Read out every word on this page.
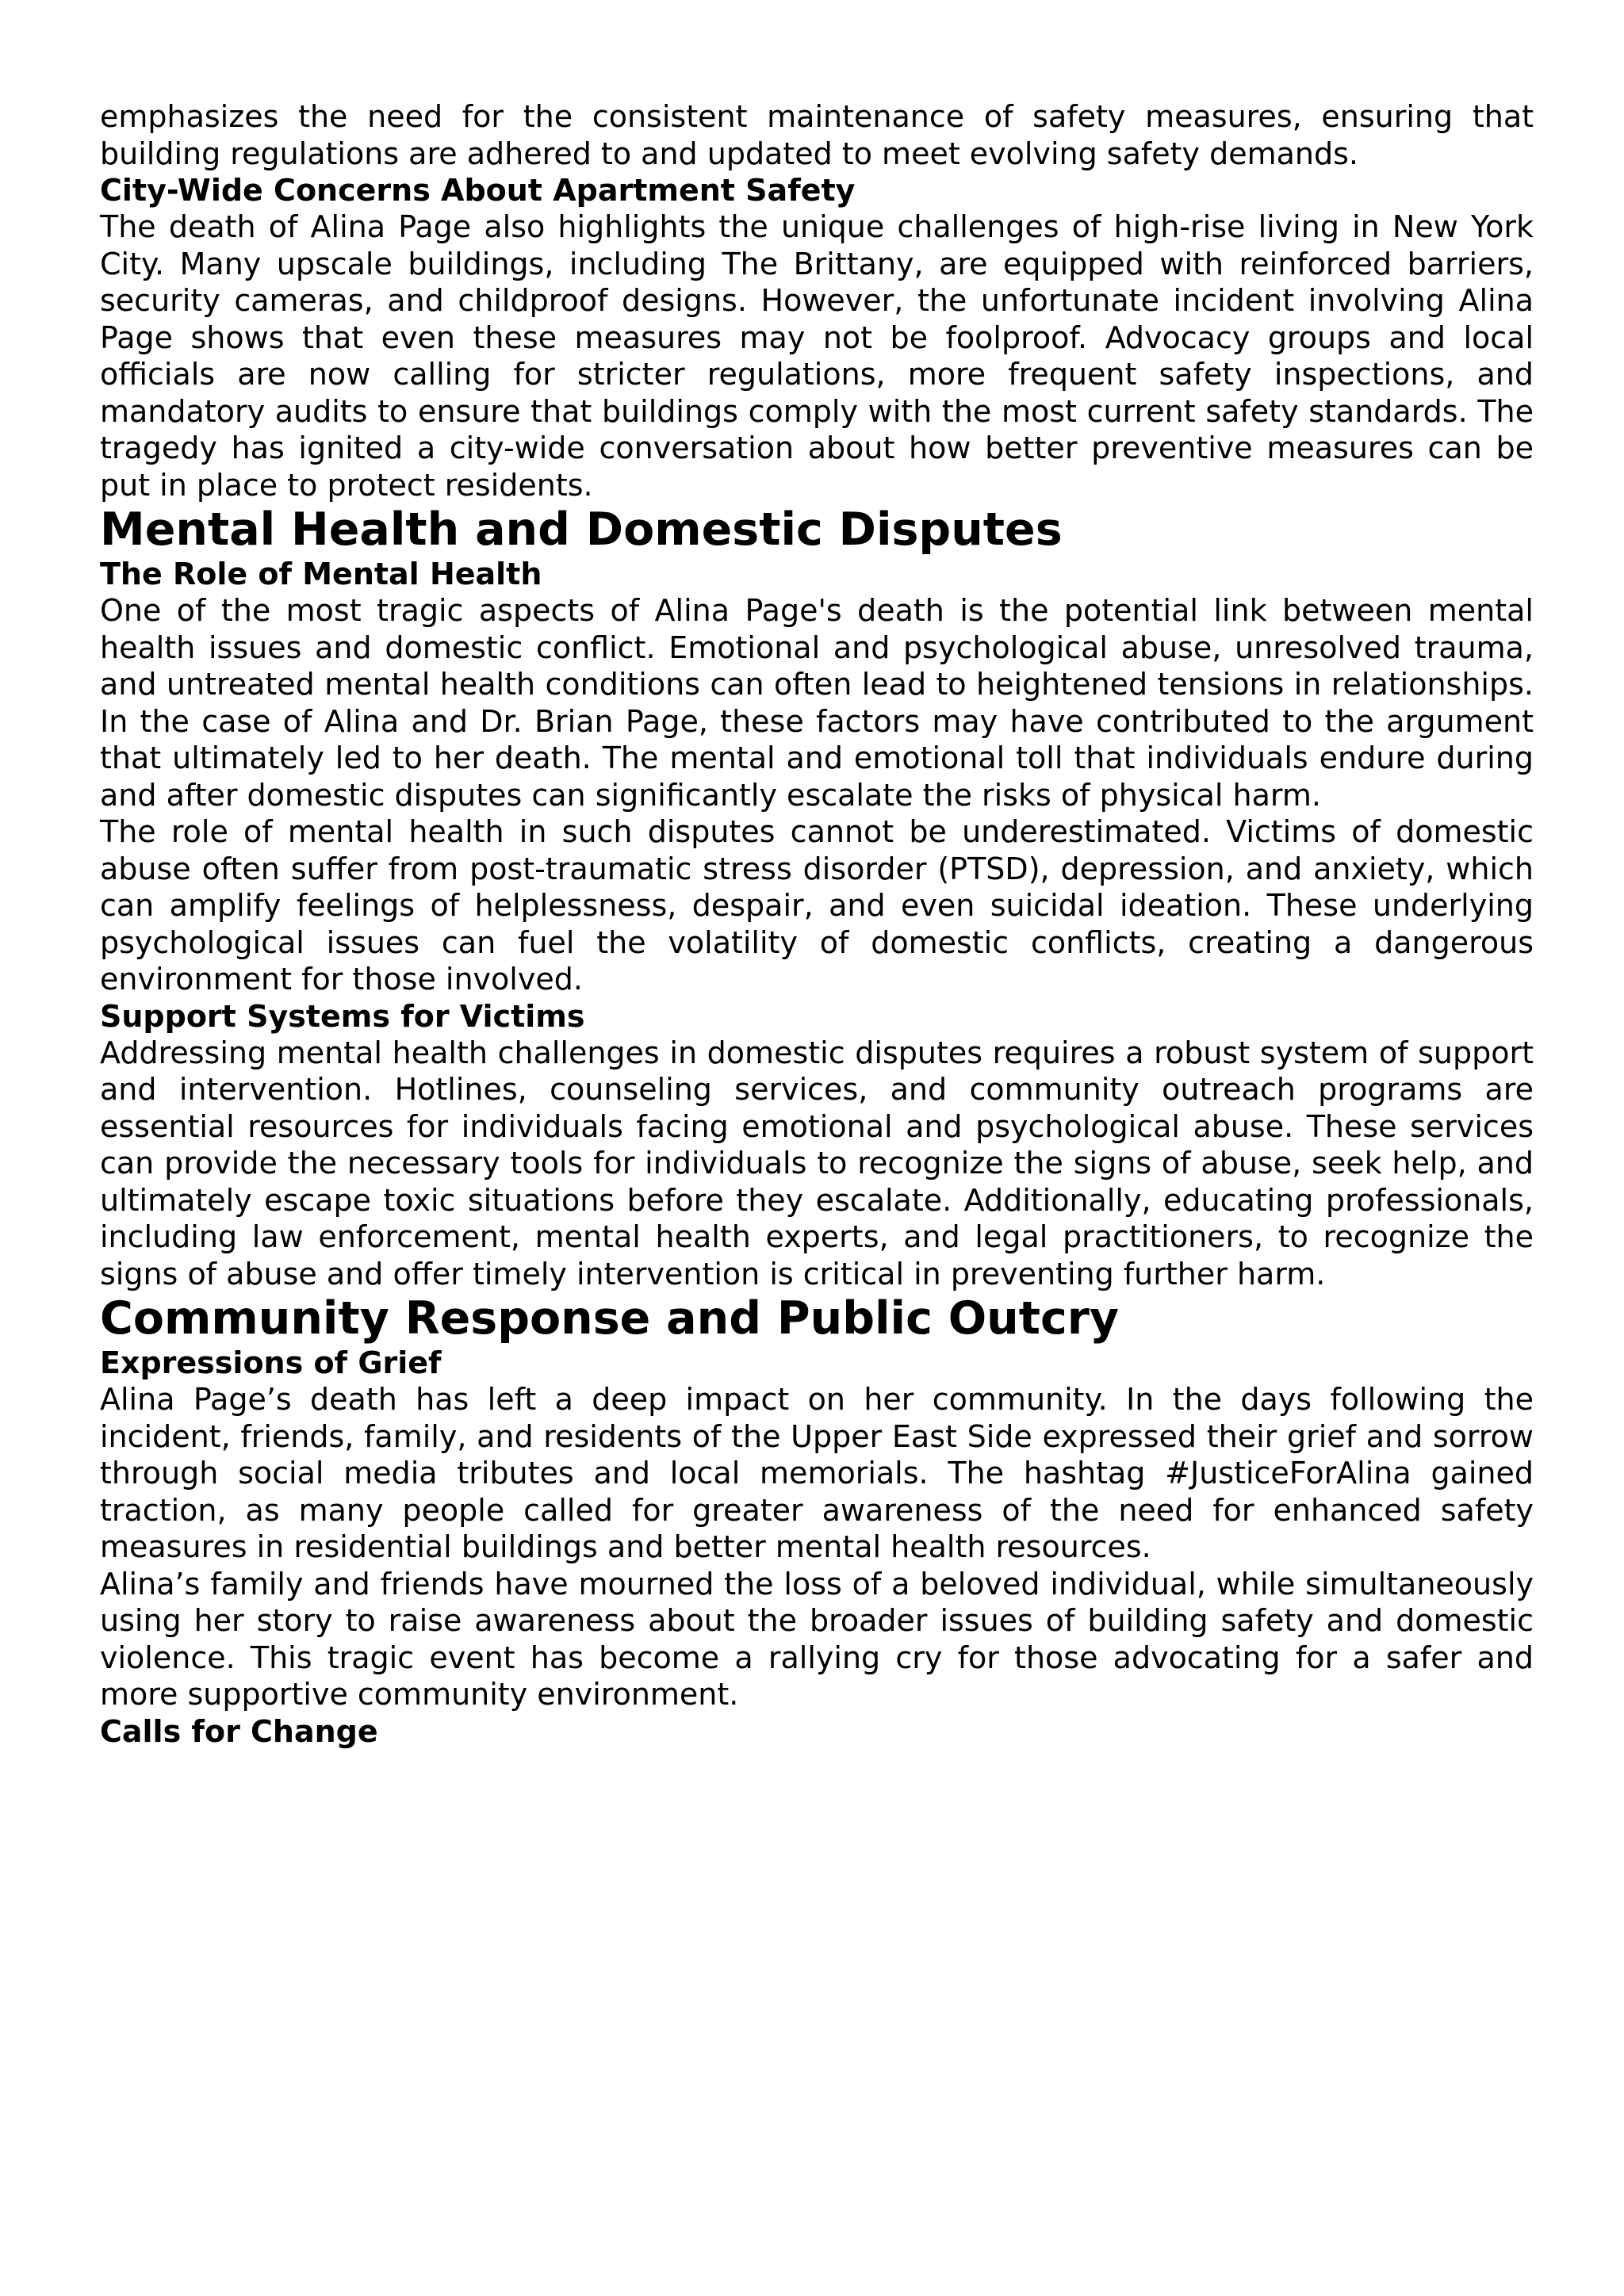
emphasizes the need for the consistent maintenance of safety measures, ensuring that building regulations are adhered to and updated to meet evolving safety demands.

City-Wide Concerns About Apartment Safety

The death of Alina Page also highlights the unique challenges of high-rise living in New York City. Many upscale buildings, including The Brittany, are equipped with reinforced barriers, security cameras, and childproof designs. However, the unfortunate incident involving Alina Page shows that even these measures may not be foolproof. Advocacy groups and local officials are now calling for stricter regulations, more frequent safety inspections, and mandatory audits to ensure that buildings comply with the most current safety standards. The tragedy has ignited a city-wide conversation about how better preventive measures can be put in place to protect residents.

Mental Health and Domestic Disputes
The Role of Mental Health

One of the most tragic aspects of Alina Page's death is the potential link between mental health issues and domestic conflict. Emotional and psychological abuse, unresolved trauma, and untreated mental health conditions can often lead to heightened tensions in relationships. In the case of Alina and Dr. Brian Page, these factors may have contributed to the argument that ultimately led to her death. The mental and emotional toll that individuals endure during and after domestic disputes can significantly escalate the risks of physical harm.

The role of mental health in such disputes cannot be underestimated. Victims of domestic abuse often suffer from post-traumatic stress disorder (PTSD), depression, and anxiety, which can amplify feelings of helplessness, despair, and even suicidal ideation. These underlying psychological issues can fuel the volatility of domestic conflicts, creating a dangerous environment for those involved.

Support Systems for Victims

Addressing mental health challenges in domestic disputes requires a robust system of support and intervention. Hotlines, counseling services, and community outreach programs are essential resources for individuals facing emotional and psychological abuse. These services can provide the necessary tools for individuals to recognize the signs of abuse, seek help, and ultimately escape toxic situations before they escalate. Additionally, educating professionals, including law enforcement, mental health experts, and legal practitioners, to recognize the signs of abuse and offer timely intervention is critical in preventing further harm.

Community Response and Public Outcry
Expressions of Grief

Alina Page’s death has left a deep impact on her community. In the days following the incident, friends, family, and residents of the Upper East Side expressed their grief and sorrow through social media tributes and local memorials. The hashtag #JusticeForAlina gained traction, as many people called for greater awareness of the need for enhanced safety measures in residential buildings and better mental health resources.

Alina’s family and friends have mourned the loss of a beloved individual, while simultaneously using her story to raise awareness about the broader issues of building safety and domestic violence. This tragic event has become a rallying cry for those advocating for a safer and more supportive community environment.

Calls for Change
